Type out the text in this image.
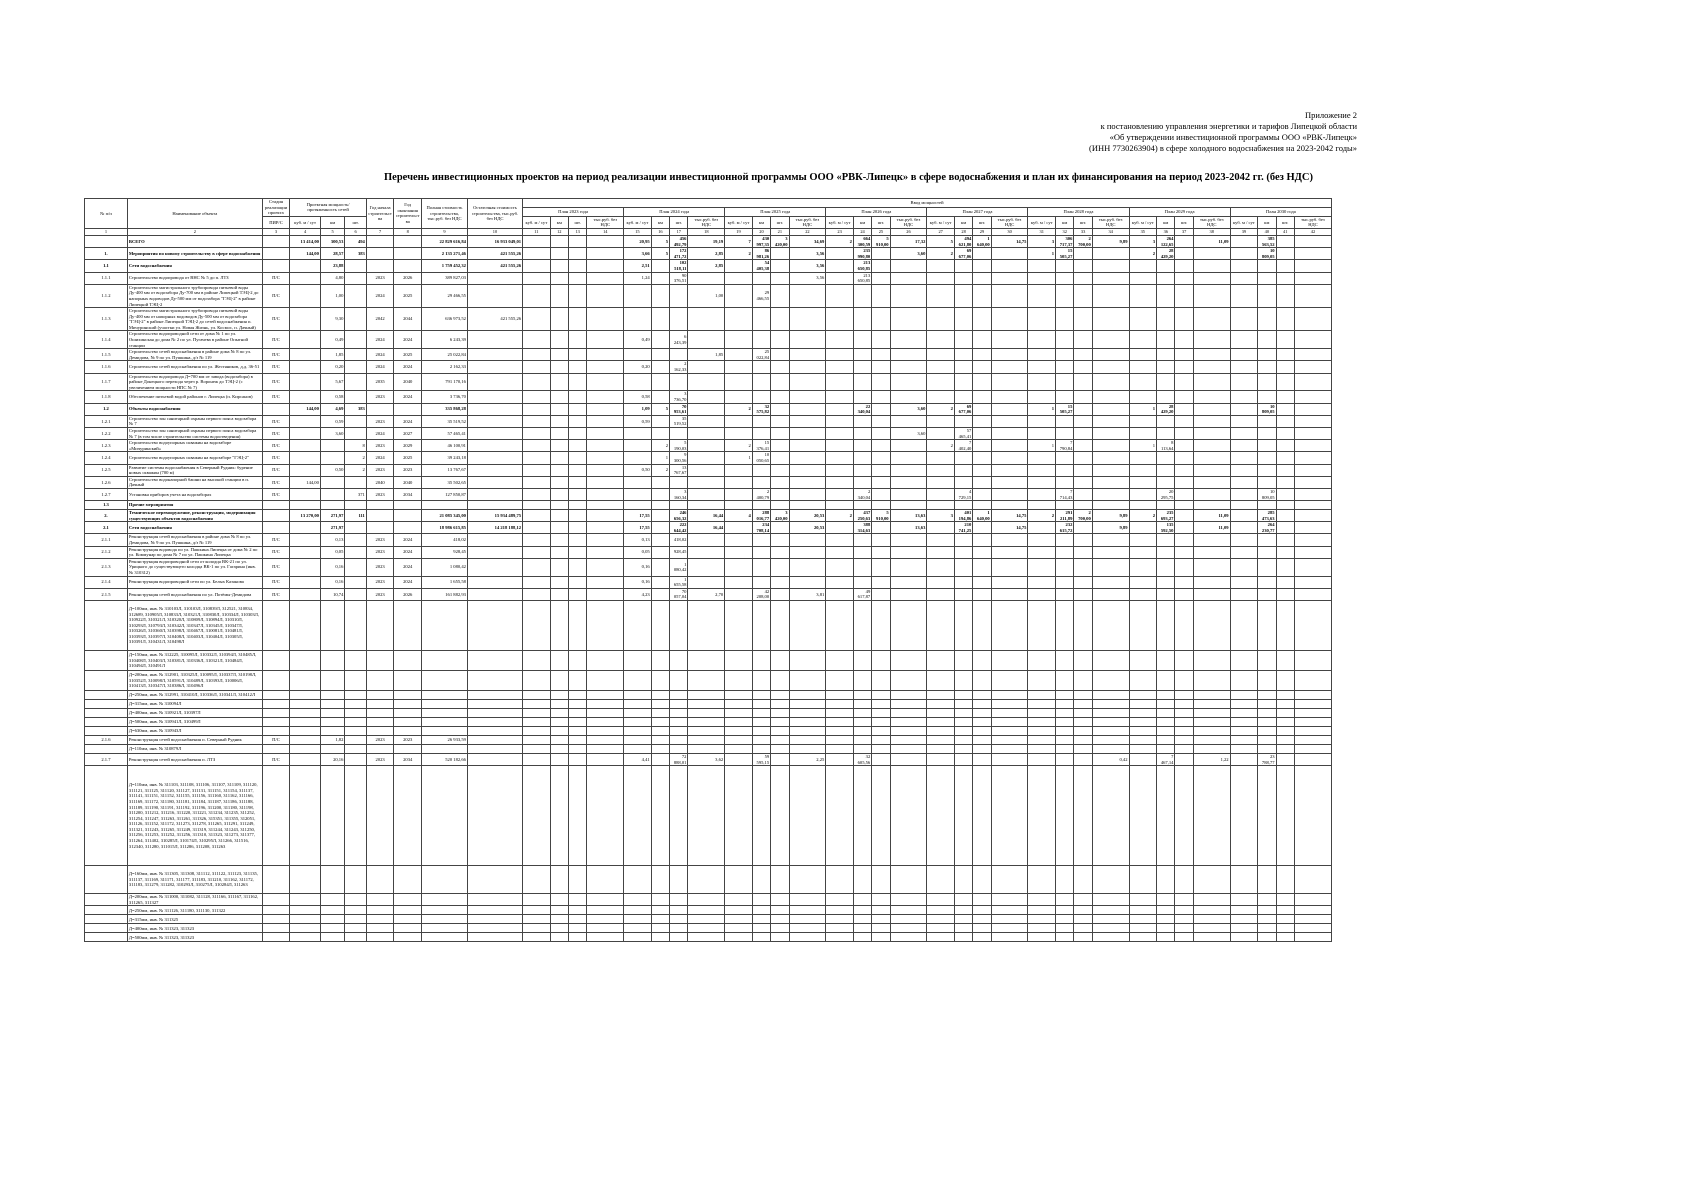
Приложение 2
к постановлению управления энергетики и тарифов Липецкой области
«Об утверждении инвестиционной программы ООО «РВК-Липецк»
(ИНН 7730263904) в сфере холодного водоснабжения на 2023-2042 годы»
Перечень инвестиционных проектов на период реализации инвестиционной программы ООО «РВК-Липецк» в сфере водоснабжения и план их финансирования на период 2023-2042 гг. (без НДС)
№ п/п	Наименование объекта	Стадия реализации проекта	Проектная мощность/ протяженность сетей			Год начала строительства	Год окончания строительства	Полная стоимость строительства, тыс.руб. без НДС	Остаточная стоимость строительства, тыс.руб. без НДС	Ввод мощностей																															
										План 2023 года				План 2024 года				План 2025 года				План 2026 года				План 2027 года				План 2028 года				План 2029 года				План 2030 года			
		ПИР/С	куб. м / сут	км	шт.					куб. м / сут	км	шт.	тыс.руб. без НДС	куб. м / сут	км	шт.	тыс.руб. без НДС	куб. м / сут	км	шт.	тыс.руб. без НДС	куб. м / сут	км	шт.	тыс.руб. без НДС	куб. м / сут	км	шт.	тыс.руб. без НДС	куб. м / сут	км	шт.	тыс.руб. без НДС	куб. м / сут	км	шт.	тыс.руб. без НДС	куб. м / сут	км	шт.	тыс.руб. без НДС
1	2	3	4	5	6	7	8	9	10	11	12	13	14	15	16	17	18	19	20	21	22	23	24	25	26	27	28	29	30	31	32	33	34	35	36	37	38	39	40	41	42
	ВСЕГО		13 414,00	300,53	494			22 829 616,84	16 933 049,01					20,95	5	456 492,79	19,19	7	430 997,35	3 420,00	34,69	2	664 300,59	5 910,00	17,32	5	494 621,80	1 640,00	14,75	3	306 717,37	2 700,00	9,89	3	264 122,65		11,09		385 563,52		
1.	Мероприятия по новому строительству в сфере водоснабжения		144,00	28,57	383			2 135 271,46	421 555,26					3,66	5	172 471,72	2,85	2	86 981,26		3,56		235 990,80		3,60	2	69 677,06			1	15 505,27			2	28 429,20				10 809,05		
1.1	Сети водоснабжения			23,88				1 759 452,32	421 555,26					2,51		102 518,11	2,85		54 405,38		3,56		213 650,85																		
1.1.1	Строительство водопровода от ВНС № 5 до п. ЛТЗ	П/С		4,80		2023	2026	389 827,03						1,24		90 376,51					3,56		213 650,85																		
1.1.2	Строительство магистрального трубопровода питьевой воды Ду-400 мм от водозабора Ду-700 мм в районе Липецкой ТЭЦ-2 до напорных водоводов Ду-500 мм от водозабора "ГЭЦ-2" в районе Липецкой ТЭЦ-2	П/С		1,00		2024	2025	29 466,55									1,00		29 466,55																						
1.1.3	Строительство магистрального трубопровода питьевой воды Ду-400 мм от напорных водоводов Ду-500 мм от водозабора "ГЭЦ-2" в районе Липецкой ТЭЦ-2 до сетей водоснабжения п. Мичуринский (участки ул. Новая Жизнь, ул. Космос, п. Дачный)	П/С		9,30		2042	2044	636 973,52	421 555,26																																
1.1.4	Строительство водопроводной сети от дома № 1 по ул. Ошихинская до дома № 2 по ул. Пугачева в районе Опытной станции	П/С		0,49		2024	2024	6 243,39						0,49		6 243,39																									
1.1.5	Строительство сетей водоснабжения в районе дома № 8 по ул. Демидова, № 9 по ул. Пушкина, д/з № 119	П/С		1,85		2024	2025	25 022,84									1,85		25 022,84																						
1.1.6	Строительство сетей водоснабжения по ул. Жестяников, д.д. 36-51	П/С		0,20		2024	2024	2 162,33						0,20		2 162,33																									
1.1.7	Строительство водопровода Д=700 мм от завода (водозабора) в районе Донецкого перехода через р. Воронеж до ТЭЦ-2 (с увеличением мощности НПС № 7)	П/С		5,67		2035	2040	791 170,16																																	
1.1.8	Обеспечение питьевой водой районов г. Липецка (п. Кирсанов)	П/С		0,58		2023	2024	3 736,70						0,58		3 736,70																									
1.2	Объекты водоснабжения		144,00	4,69	383			335 868,28						1,09	5	70 953,61		2	32 575,82				22 340,04		3,60	2	69 677,06			1	15 505,27			1	28 429,20				10 809,05		
1.2.1	Строительство зон санитарной охраны первого пояса водозабора № 7	П/С		0,59		2023	2024	35 519,52						0,59		35 519,52																									
1.2.2	Строительство зон санитарной охраны первого пояса водозабора № 7 (в том числе строительство системы водоотведения)	П/С		3,60		2024	2027	57 465,41																	3,60		57 465,41														
1.2.3	Строительство водоупорных скважин на водозаборе «Мичуринский»	П/С			8	2023	2029	46 100,91							2	5 190,03		2	15 376,41							2	7 402,40			1	7 790,84			1	8 113,64						
1.2.4	Строительство водоупорных скважин на водозаборе "ГЭЦ-2"	П/С			2	2024	2025	39 243,18							1	9 300,56		1	10 050,65																						
1.2.5	Развитие системы водоснабжения в Северный Рудник: бурение новых скважин (700 м)	П/С		0,50	2	2023	2023	13 767,67						0,50	2	13 767,67																									
1.2.6	Строительство водонапорной башни на высокой станции в п. Дачный	П/С	144,00			2040	2040	35 502,65																																	
1.2.7	Установка приборов учета на водозаборах	П/С			371	2023	2034	127 850,87								3 160,34			2 400,79				2 340,04				4 729,15				7 714,43				20 295,75				10 809,05		
1.3	Прочие мероприятия																																								
2.	Техническое перевооружение, реконструкция, модернизация существующих объектов водоснабжения		13 270,00	271,97	111			21 085 345,00	15 934 489,75					17,55		246 656,32	16,44	4	288 016,77	3 420,00	20,53	2	437 250,63	5 910,00	13,63	3	401 194,86	1 640,00	14,75	2	291 211,89	2 700,00	9,89	2	235 693,27		11,09		285 473,63		
2.1	Сети водоснабжения			271,97				18 986 615,85	14 218 188,12					17,55		222 644,42	16,44		234 708,14		20,53		388 314,63		13,63		210 741,25		14,75		232 615,72		9,89		135 592,50		11,09		264 230,77		
2.1.1	Реконструкция сетей водоснабжения в районе дома № 8 по ул. Демидова, № 9 по ул. Пушкина, д/з № 119	П/С		0,13		2023	2024	418,02						0,13		418,02																									
2.1.2	Реконструкция водовода по ул. Пашкина Липецка от дома № 2 по ул. Коммунар по дома № 7 по ул. Пашкина Липецка	П/С		0,05		2023	2024	928,45						0,05		928,45																									
2.1.3	Реконструкция водопроводной сети от колодца ВК-21 по ул. Урицкого до существующего колодца ВК-1 по ул. Гагарина (инв. № 310312)	П/С		0,16		2023	2024	1 080,42						0,16		1 080,42																									
2.1.4	Реконструкция водопроводной сети по ул. Белых Казанова	П/С		0,16		2023	2024	1 655,58						0,16		1 655,58																									
2.1.5	Реконструкция сетей водоснабжения по ул. Потёмы-Демидова	П/С		10,74		2023	2026	161 882,93						4,23		70 057,04	2,70		42 208,00		3,81		49 617,87																		
	Д=100мм, инв. № 310103Л, 310103Л, 310839Л, 312521, 310834, 312689, 310905Л, 310833Л, 310321Л, 310830Л, 310334Л, 310303Л, 310922Л, 310321Л, 310320Л, 310809Л, 310894Л, 310310Л, 310293Л, 310793Л, 310342Л, 310347Л, 310345Л, 310347Л, 310326Л, 310360Л, 310398Л, 310467Л, 310081Л, 310481Л, 310393Л, 310397Л, 310408Л, 310403Л, 310404Л, 310305Л, 310391Л, 310431Л, 310498Л																																								
	Д=150мм, инв. № 312225, 310095Л, 310332Л, 310394Л, 310485Л, 310408Л, 310403Л, 310381Л, 310336Л, 310321Л, 310484Л, 310494Л, 310491Л																																								
	Д=200мм, инв. № 312901, 310325Л, 310095Л, 310337Л, 310198Л, 310352Л, 310098Л, 310591Л, 310489Л, 310393Л, 310006Л, 310413Л, 310347Л, 310386Л, 310496Л																																								
	Д=250мм, инв. № 312991, 310410Л, 310336Л, 310341Л, 310412Л																																								
	Д=315мм, инв. № 310094Л																																								
	Д=400мм, инв. № 310921Л, 310397Л																																								
	Д=500мм, инв. № 310941Л, 310499Л																																								
	Д=630мм, инв. № 310943Л																																								
2.1.6	Реконструкция сетей водоснабжения п. Северный Рудник	П/С		1,82		2023	2023	26 933,59																																	
	Д=110мм, инв. № 310879Л																																								
2.1.7	Реконструкция сетей водоснабжения п. ЛТЗ	П/С		20,16		2023	2034	520 182,66						4,41		72 888,01	3,62		59 595,15		2,25		32 605,56										0,42		7 467,14		1,22		23 788,77		
	Д=110мм, инв. № 311103, 311108, 311106, 311107, 311109, 311120, 311121, 311125, 311120, 311127, 311131, 311151, 311154, 311137, 311141, 311151, 311152, 311155, 311156, 311160, 311162, 311166, 311169, 311172, 311180, 311181, 311184, 311187, 311186, 311188, 311189, 311190, 311191, 311192, 311196, 311200, 311180, 311198, 311200, 311212, 311216, 311220, 311221, 311234, 311235, 311252, 311254, 311247, 311263, 311261, 311326, 315351, 311355, 312051, 311126, 311152, 311172, 311273, 311278, 311265, 311291, 311249, 311321, 311243, 311265, 311249, 311319, 311244, 311243, 311250, 311256, 311253, 311252, 311256, 311310, 311323, 311273, 311377, 311264, 311402, 310285Л, 310174Л, 310295Л, 311266, 311516, 312340, 311280, 311015Л, 311286, 311208, 311263																																								
	Д=160мм, инв. № 311305, 311308, 311112, 311122, 311123, 311135, 311137, 311169, 311171, 311177, 311183, 311210, 311162, 311172, 311183, 311279, 311282, 310293Л, 310275Л, 310284Л, 311263																																								
	Д=200мм, инв. № 311000, 311082, 311128, 311166, 311167, 311162, 311265, 311327																																								
	Д=250мм, инв. № 311126, 311180, 311130, 311322																																								
	Д=315мм, инв. № 311325																																								
	Д=400мм, инв. № 311323, 311323																																								
	Д=500мм, инв. № 311323, 311323																																								
